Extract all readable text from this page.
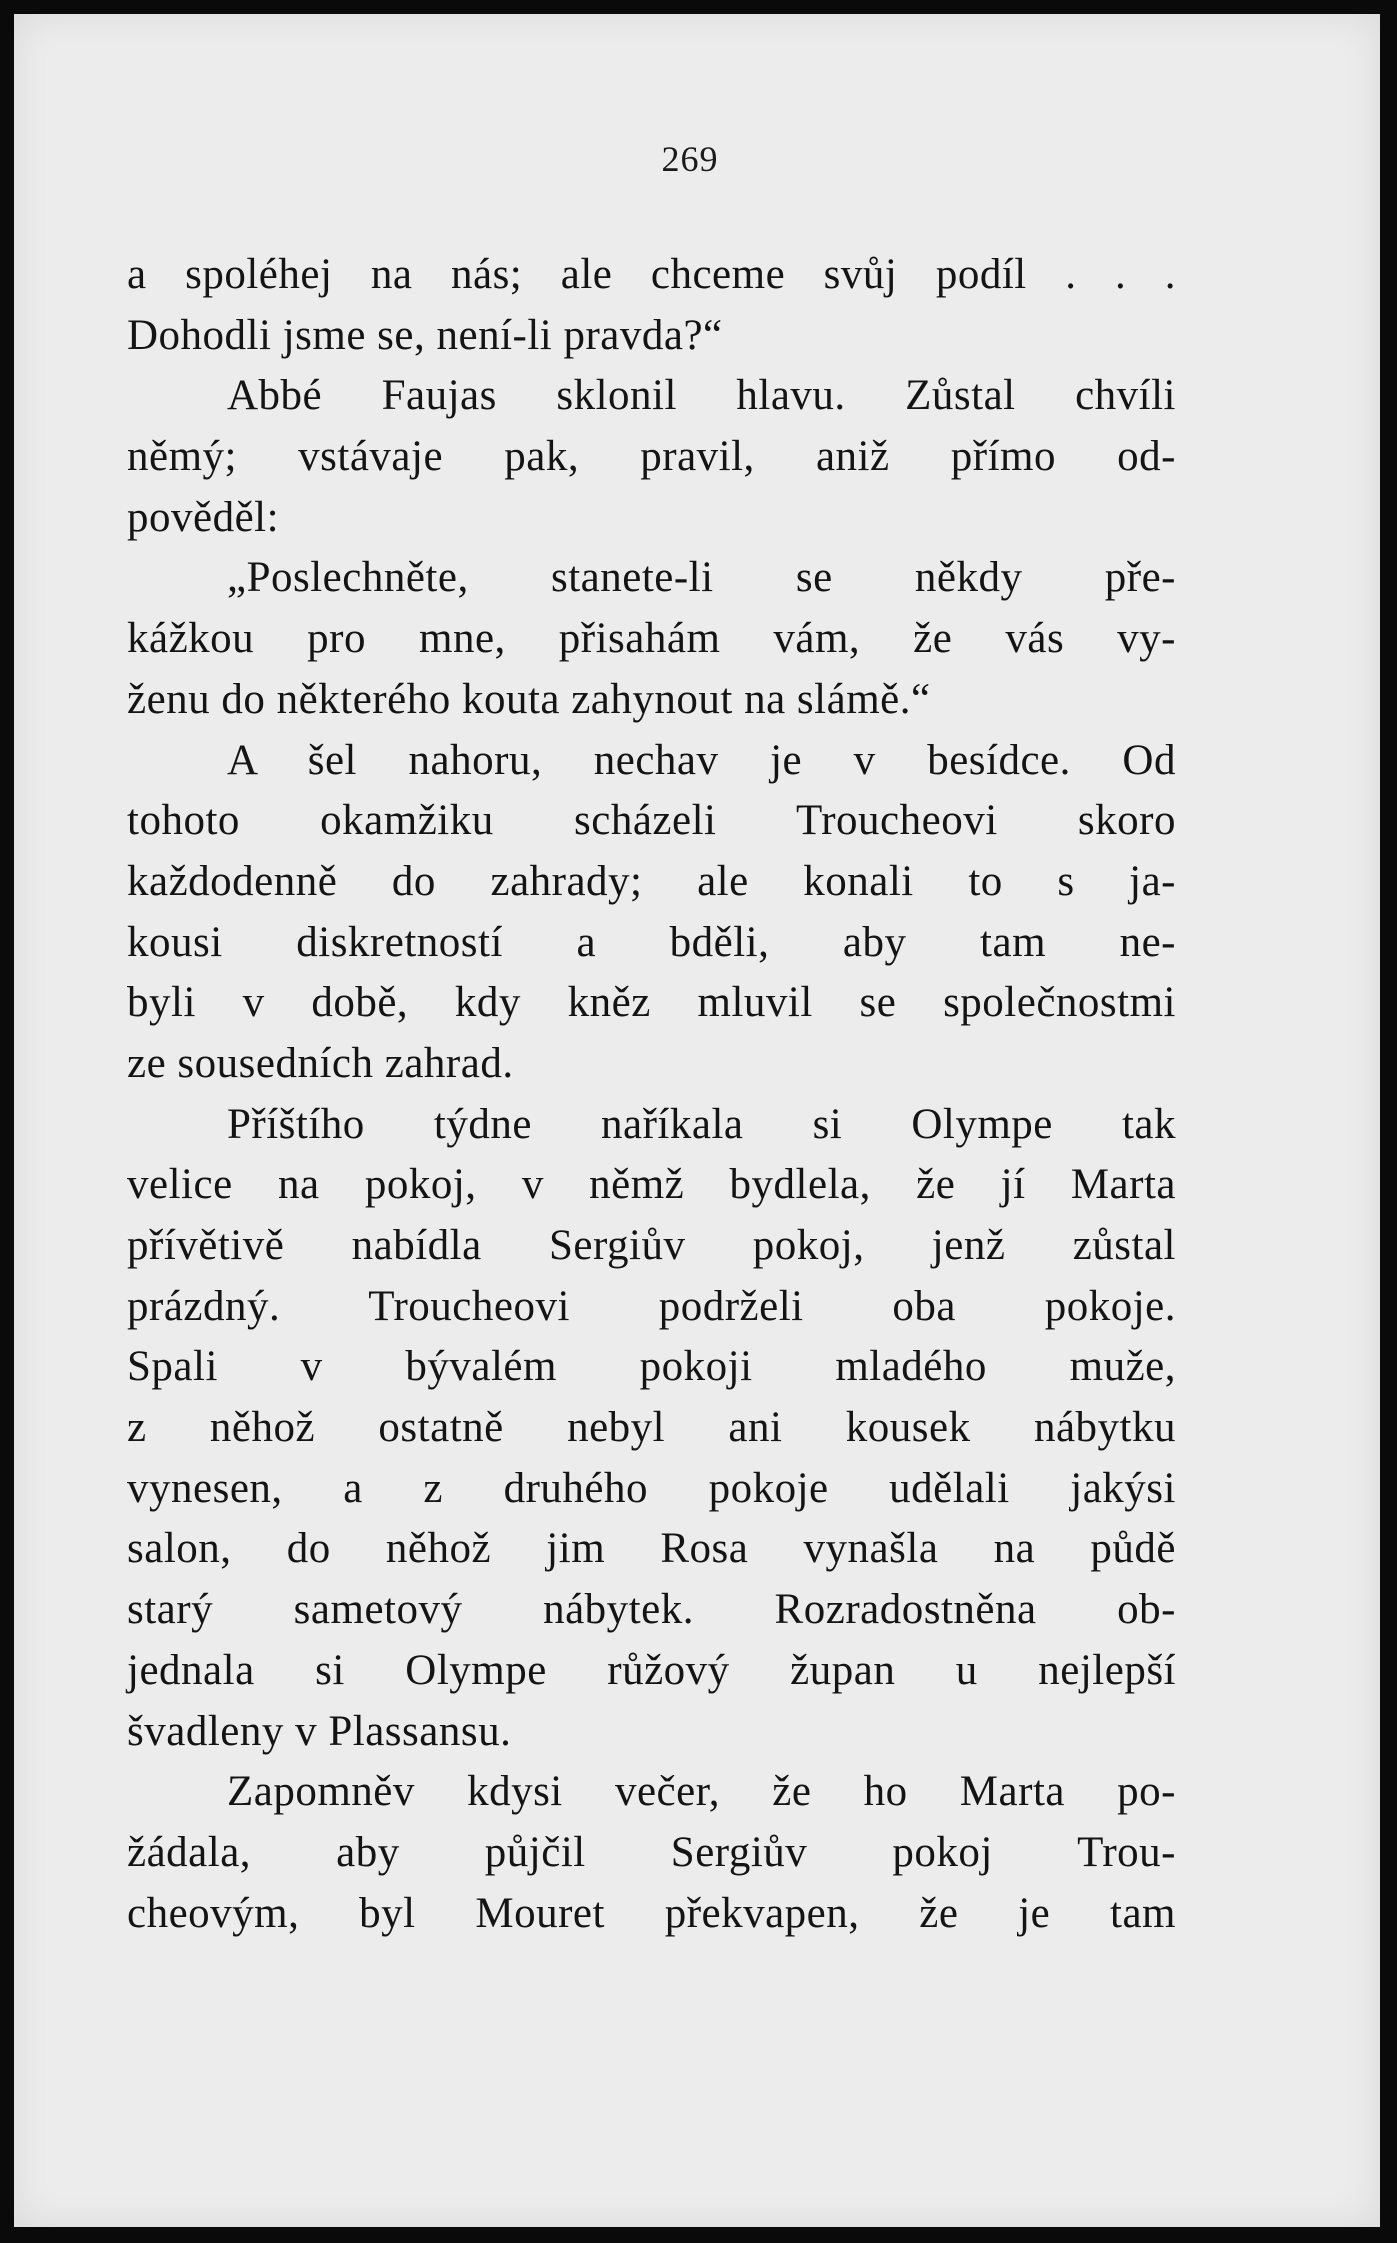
269
a spoléhej na nás; ale chceme svůj podíl . . .
Dohodli jsme se, není-li pravda?“
Abbé Faujas sklonil hlavu. Zůstal chvíli
němý; vstávaje pak, pravil, aniž přímo od-
pověděl:
„Poslechněte, stanete-li se někdy pře-
kážkou pro mne, přisahám vám, že vás vy-
ženu do některého kouta zahynout na slámě.“
A šel nahoru, nechav je v besídce. Od
tohoto okamžiku scházeli Troucheovi skoro
každodenně do zahrady; ale konali to s ja-
kousi diskretností a bděli, aby tam ne-
byli v době, kdy kněz mluvil se společnostmi
ze sousedních zahrad.
Příštího týdne naříkala si Olympe tak
velice na pokoj, v němž bydlela, že jí Marta
přívětivě nabídla Sergiův pokoj, jenž zůstal
prázdný. Troucheovi podrželi oba pokoje.
Spali v bývalém pokoji mladého muže,
z něhož ostatně nebyl ani kousek nábytku
vynesen, a z druhého pokoje udělali jakýsi
salon, do něhož jim Rosa vynašla na půdě
starý sametový nábytek. Rozradostněna ob-
jednala si Olympe růžový župan u nejlepší
švadleny v Plassansu.
Zapomněv kdysi večer, že ho Marta po-
žádala, aby půjčil Sergiův pokoj Trou-
cheovým, byl Mouret překvapen, že je tam
